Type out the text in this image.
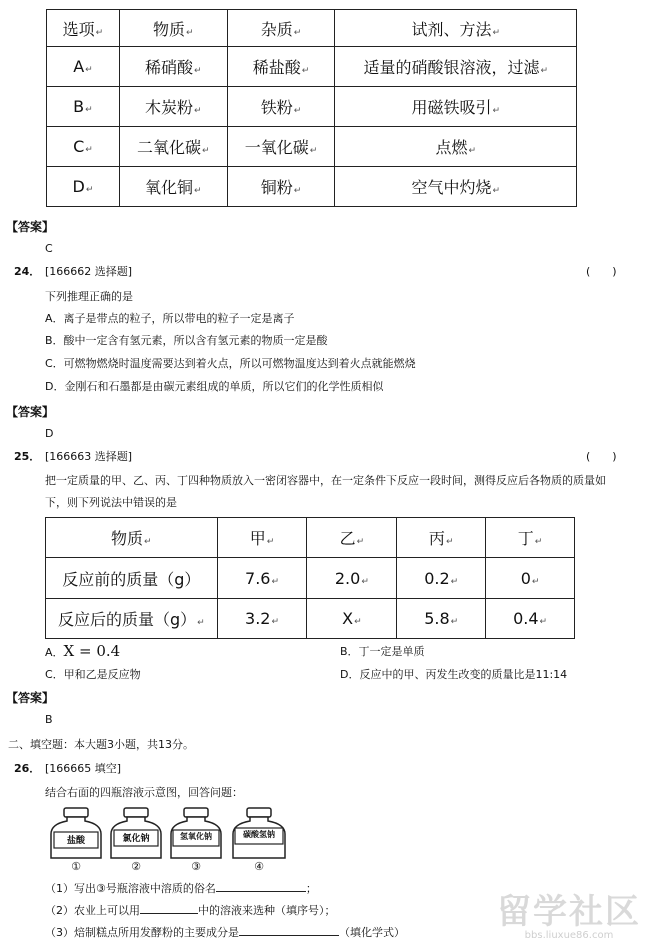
选项↵	物质↵	杂质↵	试剂、方法↵
A↵	稀硝酸↵	稀盐酸↵	适量的硝酸银溶液，过滤↵
B↵	木炭粉↵	铁粉↵	用磁铁吸引↵
C↵	二氧化碳↵	一氧化碳↵	点燃↵
D↵	氧化铜↵	铜粉↵	空气中灼烧↵
【答案】
C
24． [166662 选择题]	(　　)
下列推理正确的是
A．离子是带点的粒子，所以带电的粒子一定是离子
B．酸中一定含有氢元素，所以含有氢元素的物质一定是酸
C．可燃物燃烧时温度需要达到着火点，所以可燃物温度达到着火点就能燃烧
D．金刚石和石墨都是由碳元素组成的单质，所以它们的化学性质相似
【答案】
D
25． [166663 选择题]	(　　)
把一定质量的甲、乙、丙、丁四种物质放入一密闭容器中，在一定条件下反应一段时间，测得反应后各物质的质量如
下，则下列说法中错误的是
物质↵	甲↵	乙↵	丙↵	丁↵
反应前的质量（g）	7.6↵	2.0↵	0.2↵	0↵
反应后的质量（g）↵	3.2↵	X↵	5.8↵	0.4↵
A．X = 0.4	B．丁一定是单质
C．甲和乙是反应物	D．反应中的甲、丙发生改变的质量比是11:14
【答案】
B
二、填空题：本大题3小题，共13分。
26． [166665 填空]
结合右面的四瓶溶液示意图，回答问题：
盐酸
①
氯化钠
②
氢氧化钠
③
碳酸氢钠
④
（1）写出③号瓶溶液中溶质的俗名	；
（2）农业上可以用	中的溶液来选种（填序号）；
（3）焙制糕点所用发酵粉的主要成分是	（填化学式）
留学社区
bbs.liuxue86.com
